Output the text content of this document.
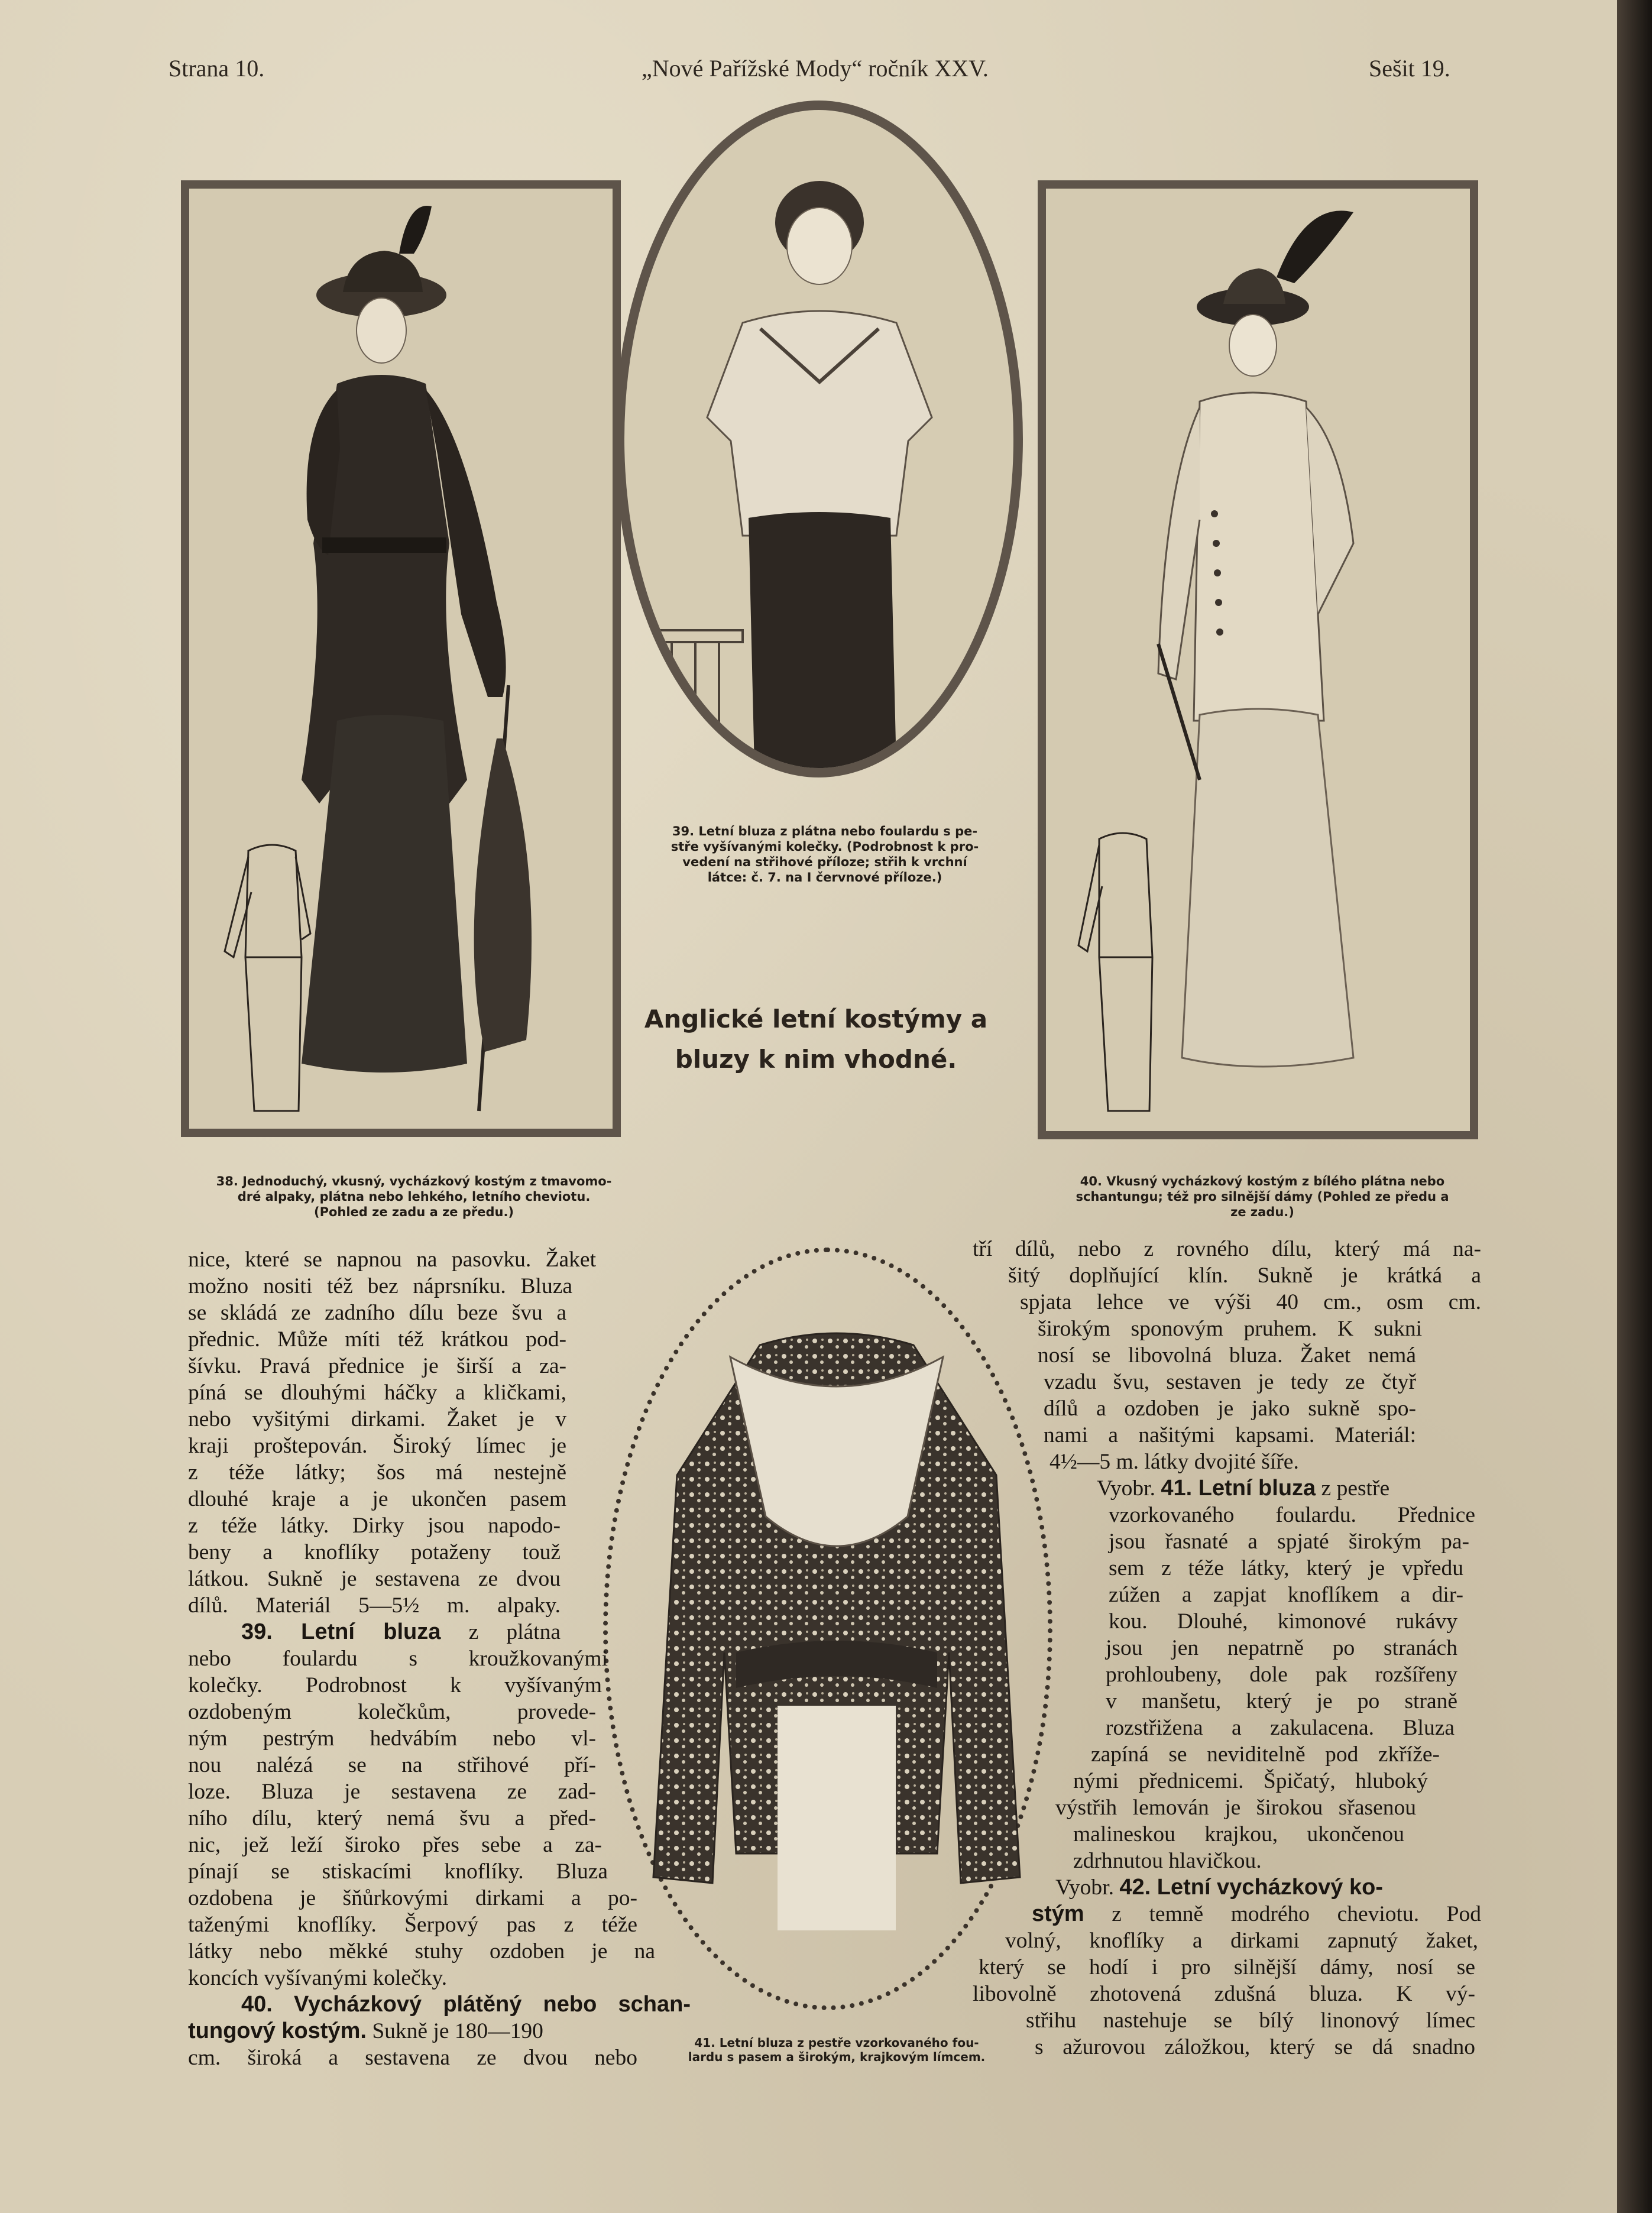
Strana 10.	„Nové Pařížské Mody“ ročník XXV.	Sešit 19.
39. Letní bluza z plátna nebo foulardu s pe-
stře vyšívanými kolečky. (Podrobnost k pro-
vedení na střihové příloze; střih k vrchní
látce: č. 7. na I červnové příloze.)
Anglické letní kostýmy a
bluzy k nim vhodné.
38. Jednoduchý, vkusný, vycházkový kostým z tmavomo-
dré alpaky, plátna nebo lehkého, letního cheviotu.
(Pohled ze zadu a ze předu.)
40. Vkusný vycházkový kostým z bílého plátna nebo
schantungu; též pro silnější dámy (Pohled ze předu a
ze zadu.)
41. Letní bluza z pestře vzorkovaného fou-
lardu s pasem a širokým, krajkovým límcem.
nice, které se napnou na pasovku. Žaket
možno nositi též bez náprsníku. Bluza
se skládá ze zadního dílu beze švu a
přednic. Může míti též krátkou pod-
šívku. Pravá přednice je širší a za-
píná se dlouhými háčky a kličkami,
nebo vyšitými dirkami. Žaket je v
kraji proštepován. Široký límec je
z téže látky; šos má nestejně
dlouhé kraje a je ukončen pasem
z téže látky. Dirky jsou napodo-
beny a knoflíky potaženy touž
látkou. Sukně je sestavena ze dvou
dílů. Materiál 5—5½ m. alpaky.
39. Letní bluza z plátna
nebo foulardu s kroužkovanými
kolečky. Podrobnost k vyšívaným
ozdobeným kolečkům, provede-
ným pestrým hedvábím nebo vl-
nou nalézá se na střihové pří-
loze. Bluza je sestavena ze zad-
ního dílu, který nemá švu a před-
nic, jež leží široko přes sebe a za-
pínají se stiskacími knoflíky. Bluza
ozdobena je šňůrkovými dirkami a po-
taženými knoflíky. Šerpový pas z téže
látky nebo měkké stuhy ozdoben je na
koncích vyšívanými kolečky.
40. Vycházkový plátěný nebo schan-
tungový kostým. Sukně je 180—190
cm. široká a sestavena ze dvou nebo
tří dílů, nebo z rovného dílu, který má na-
šitý doplňující klín. Sukně je krátká a
spjata lehce ve výši 40 cm., osm cm.
širokým sponovým pruhem. K sukni
nosí se libovolná bluza. Žaket nemá
vzadu švu, sestaven je tedy ze čtyř
dílů a ozdoben je jako sukně spo-
nami a našitými kapsami. Materiál:
4½—5 m. látky dvojité šíře.
Vyobr. 41. Letní bluza z pestře
vzorkovaného foulardu. Přednice
jsou řasnaté a spjaté širokým pa-
sem z téže látky, který je vpředu
zúžen a zapjat knoflíkem a dir-
kou. Dlouhé, kimonové rukávy
jsou jen nepatrně po stranách
prohloubeny, dole pak rozšířeny
v manšetu, který je po straně
rozstřižena a zakulacena. Bluza
zapíná se neviditelně pod zkříže-
nými přednicemi. Špičatý, hluboký
výstřih lemován je širokou sřasenou
malineskou krajkou, ukončenou
zdrhnutou hlavičkou.
Vyobr. 42. Letní vycházkový ko-
stým z temně modrého cheviotu. Pod
volný, knoflíky a dirkami zapnutý žaket,
který se hodí i pro silnější dámy, nosí se
libovolně zhotovená zdušná bluza. K vý-
střihu nastehuje se bílý linonový límec
s ažurovou záložkou, který se dá snadno
